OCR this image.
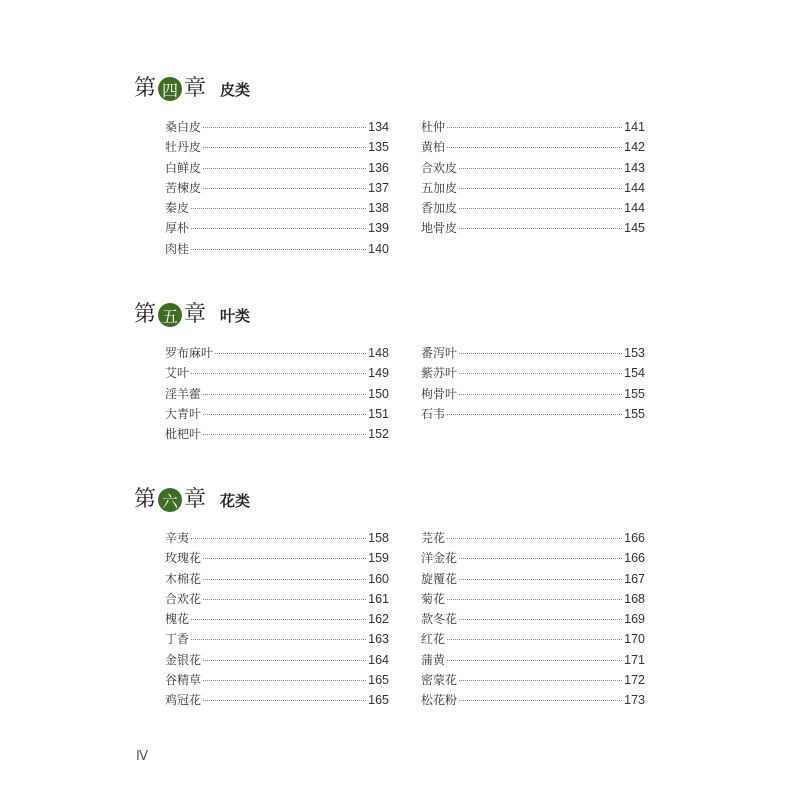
第 四 章 皮类
桑白皮	134
牡丹皮	135
白鲜皮	136
苦楝皮	137
秦皮	138
厚朴	139
肉桂	140
杜仲	141
黄柏	142
合欢皮	143
五加皮	144
香加皮	144
地骨皮	145
第 五 章 叶类
罗布麻叶	148
艾叶	149
淫羊藿	150
大青叶	151
枇杷叶	152
番泻叶	153
紫苏叶	154
枸骨叶	155
石韦	155
第 六 章 花类
辛夷	158
玫瑰花	159
木棉花	160
合欢花	161
槐花	162
丁香	163
金银花	164
谷精草	165
鸡冠花	165
芫花	166
洋金花	166
旋覆花	167
菊花	168
款冬花	169
红花	170
蒲黄	171
密蒙花	172
松花粉	173
Ⅳ
